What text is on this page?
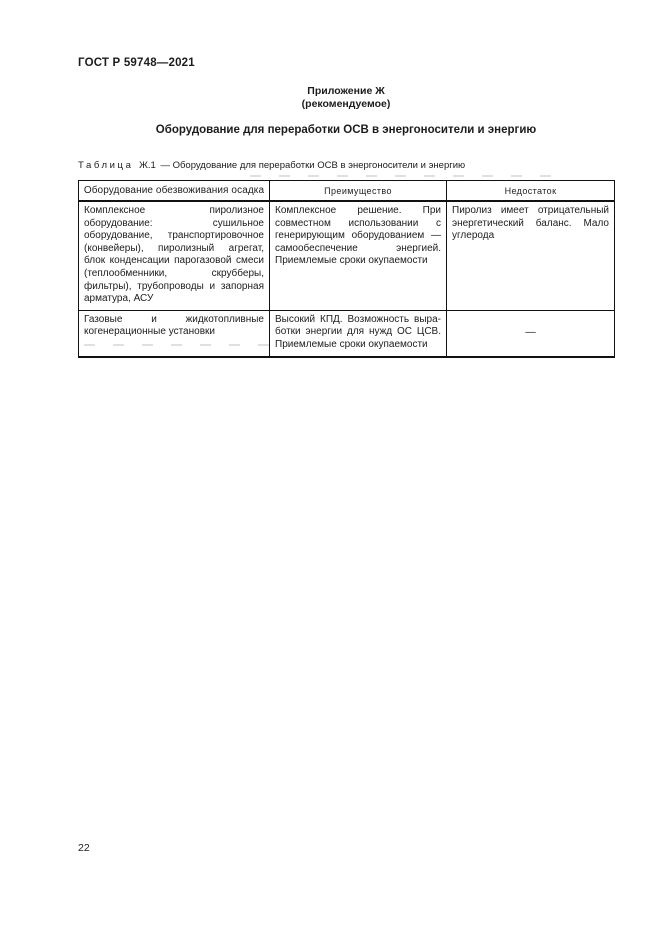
ГОСТ Р 59748—2021
Приложение Ж
(рекомендуемое)
Оборудование для переработки ОСВ в энергоносители и энергию
Таблица Ж.1 — Оборудование для переработки ОСВ в энергоносители и энергию
Оборудование обезвоживания осадка	Преимущество	Недостаток

Комплексное пиролизное оборудование: сушильное оборудование, транспортировочное (конвейеры), пиролизный агрегат, блок конденсации парогазовой смеси (теплообменники, скрубберы, фильтры), трубопроводы и запорная арматура, АСУ	Комплексное решение. При совместном использовании с генерирующим оборудованием — самообеспечение энергией. Приемлемые сроки окупаемости	Пиролиз имеет отрицательный энергетический баланс. Мало углерода

Газовые и жидкотопливные когенерационные установки	Высокий КПД. Возможность выработки энергии для нужд ОС ЦСВ. Приемлемые сроки окупаемости	—
22
